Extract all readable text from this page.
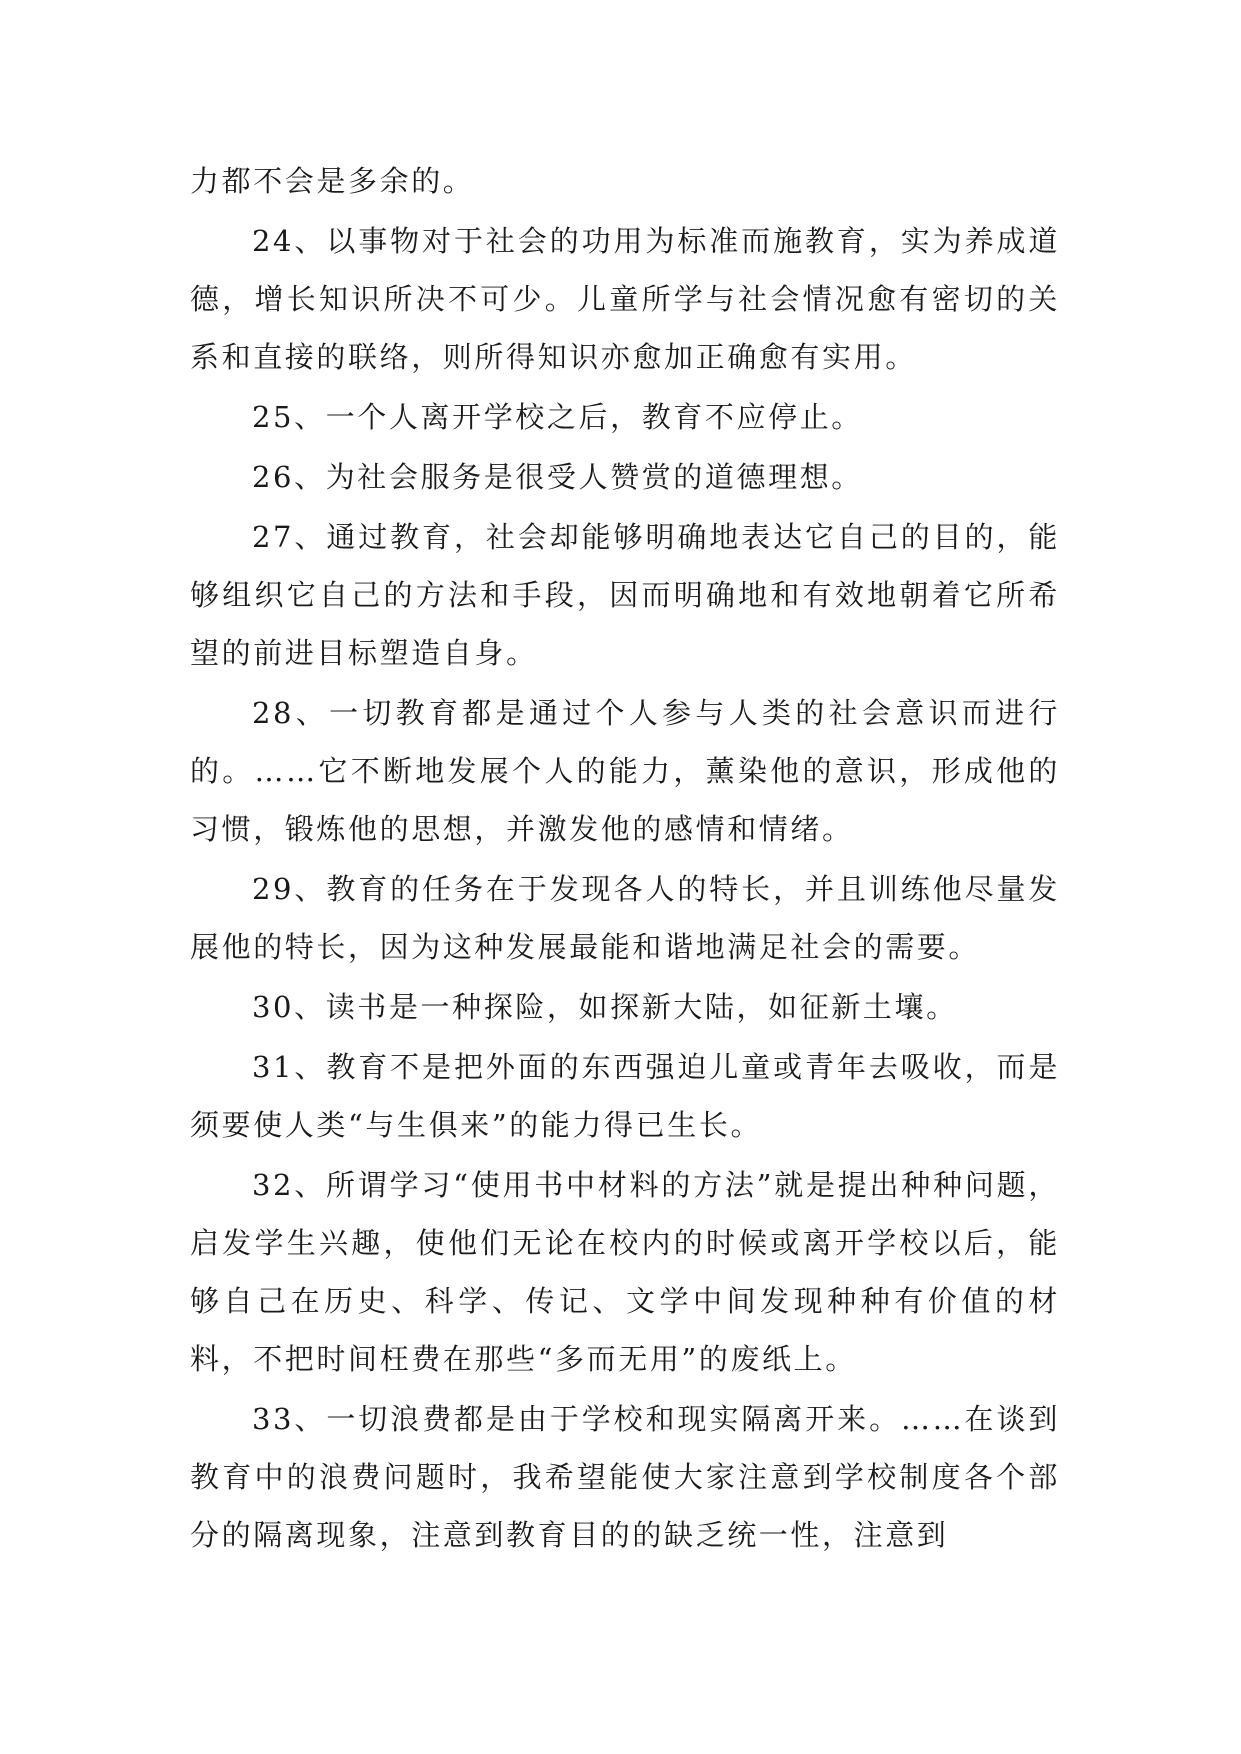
力都不会是多余的。

24、以事物对于社会的功用为标准而施教育，实为养成道德，增长知识所决不可少。儿童所学与社会情况愈有密切的关系和直接的联络，则所得知识亦愈加正确愈有实用。

25、一个人离开学校之后，教育不应停止。

26、为社会服务是很受人赞赏的道德理想。

27、通过教育，社会却能够明确地表达它自己的目的，能够组织它自己的方法和手段，因而明确地和有效地朝着它所希望的前进目标塑造自身。

28、一切教育都是通过个人参与人类的社会意识而进行的。……它不断地发展个人的能力，薰染他的意识，形成他的习惯，锻炼他的思想，并激发他的感情和情绪。

29、教育的任务在于发现各人的特长，并且训练他尽量发展他的特长，因为这种发展最能和谐地满足社会的需要。

30、读书是一种探险，如探新大陆，如征新土壤。

31、教育不是把外面的东西强迫儿童或青年去吸收，而是须要使人类“与生俱来”的能力得已生长。

32、所谓学习“使用书中材料的方法”就是提出种种问题，启发学生兴趣，使他们无论在校内的时候或离开学校以后，能够自己在历史、科学、传记、文学中间发现种种有价值的材料，不把时间枉费在那些“多而无用”的废纸上。

33、一切浪费都是由于学校和现实隔离开来。……在谈到教育中的浪费问题时，我希望能使大家注意到学校制度各个部分的隔离现象，注意到教育目的的缺乏统一性，注意到
